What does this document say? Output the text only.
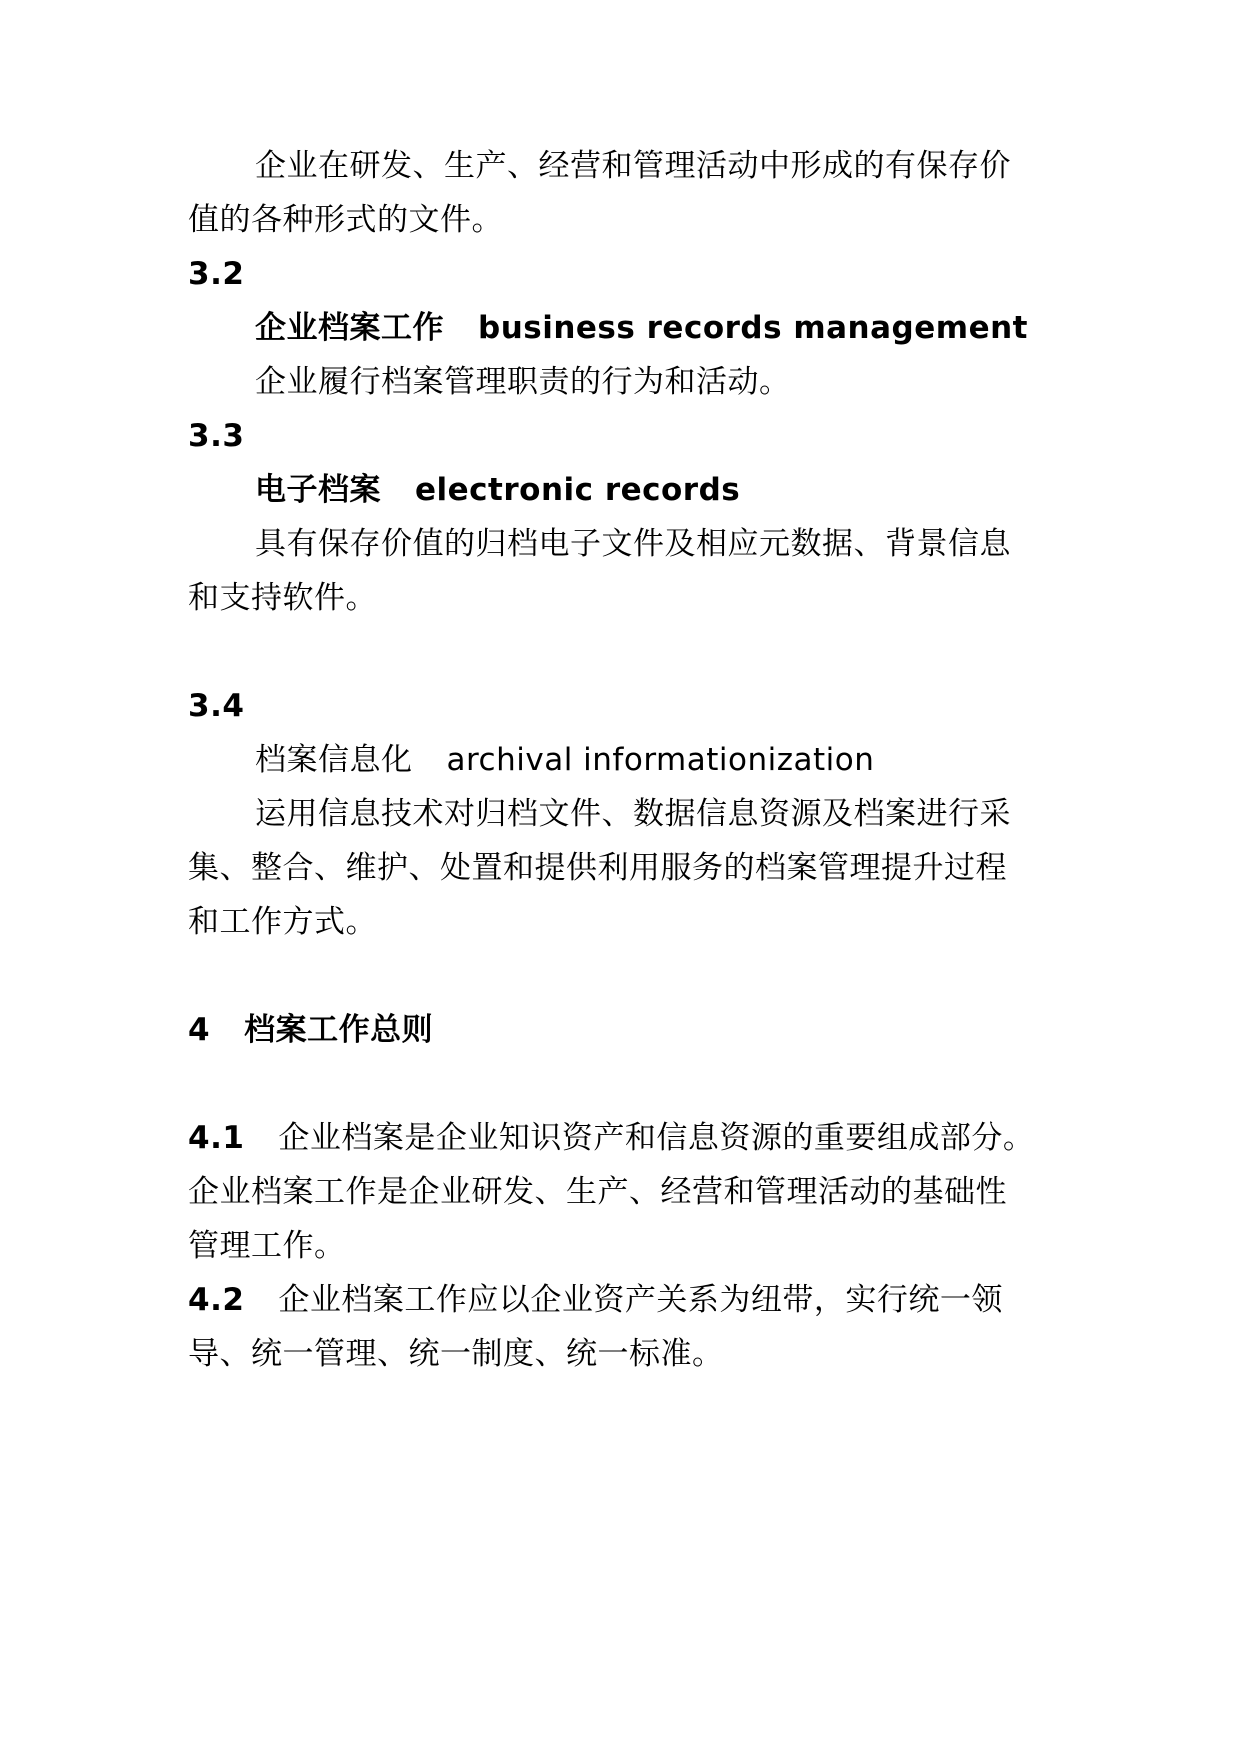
企业在研发、生产、经营和管理活动中形成的有保存价
值的各种形式的文件。
3.2
企业档案工作 business records management
企业履行档案管理职责的行为和活动。
3.3
电子档案 electronic records
具有保存价值的归档电子文件及相应元数据、背景信息
和支持软件。
3.4
档案信息化 archival informationization
运用信息技术对归档文件、数据信息资源及档案进行采
集、整合、维护、处置和提供利用服务的档案管理提升过程
和工作方式。
4 档案工作总则
4.1 企业档案是企业知识资产和信息资源的重要组成部分。
企业档案工作是企业研发、生产、经营和管理活动的基础性
管理工作。
4.2 企业档案工作应以企业资产关系为纽带，实行统一领
导、统一管理、统一制度、统一标准。
